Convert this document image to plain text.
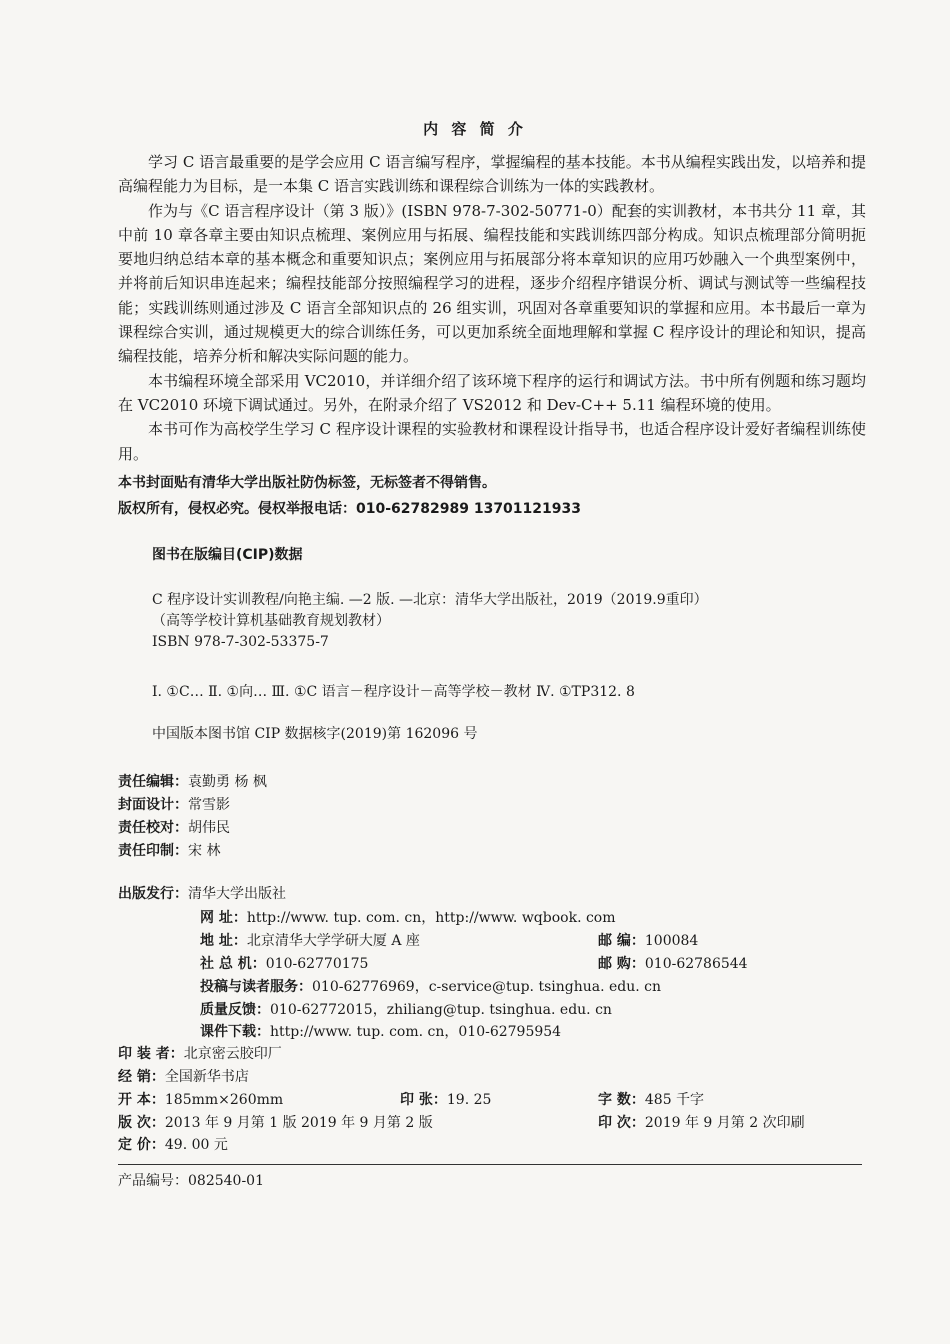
内 容 简 介

学习 C 语言最重要的是学会应用 C 语言编写程序，掌握编程的基本技能。本书从编程实践出发，以培养和提高编程能力为目标，是一本集 C 语言实践训练和课程综合训练为一体的实践教材。

作为与《C 语言程序设计（第 3 版）》(ISBN 978-7-302-50771-0）配套的实训教材，本书共分 11 章，其中前 10 章各章主要由知识点梳理、案例应用与拓展、编程技能和实践训练四部分构成。知识点梳理部分简明扼要地归纳总结本章的基本概念和重要知识点；案例应用与拓展部分将本章知识的应用巧妙融入一个典型案例中，并将前后知识串连起来；编程技能部分按照编程学习的进程，逐步介绍程序错误分析、调试与测试等一些编程技能；实践训练则通过涉及 C 语言全部知识点的 26 组实训，巩固对各章重要知识的掌握和应用。本书最后一章为课程综合实训，通过规模更大的综合训练任务，可以更加系统全面地理解和掌握 C 程序设计的理论和知识，提高编程技能，培养分析和解决实际问题的能力。

本书编程环境全部采用 VC2010，并详细介绍了该环境下程序的运行和调试方法。书中所有例题和练习题均在 VC2010 环境下调试通过。另外，在附录介绍了 VS2012 和 Dev-C++ 5.11 编程环境的使用。

本书可作为高校学生学习 C 程序设计课程的实验教材和课程设计指导书，也适合程序设计爱好者编程训练使用。

本书封面贴有清华大学出版社防伪标签，无标签者不得销售。
版权所有，侵权必究。侵权举报电话：010-62782989 13701121933
图书在版编目(CIP)数据
C 程序设计实训教程/向艳主编. —2 版. —北京：清华大学出版社，2019（2019.9重印）
（高等学校计算机基础教育规划教材）
ISBN 978-7-302-53375-7
Ⅰ. ①C… Ⅱ. ①向… Ⅲ. ①C 语言－程序设计－高等学校－教材 Ⅳ. ①TP312. 8
中国版本图书馆 CIP 数据核字(2019)第 162096 号
责任编辑：袁勤勇 杨 枫
封面设计：常雪影
责任校对：胡伟民
责任印制：宋 林
出版发行：清华大学出版社
网 址：http://www. tup. com. cn，http://www. wqbook. com
地 址：北京清华大学学研大厦 A 座	邮 编：100084
社 总 机：010-62770175	邮 购：010-62786544
投稿与读者服务：010-62776969，c-service@tup. tsinghua. edu. cn
质量反馈：010-62772015，zhiliang@tup. tsinghua. edu. cn
课件下载：http://www. tup. com. cn，010-62795954
印 装 者：北京密云胶印厂
经 销：全国新华书店
开 本：185mm×260mm	印 张：19. 25	字 数：485 千字
版 次：2013 年 9 月第 1 版 2019 年 9 月第 2 版	印 次：2019 年 9 月第 2 次印刷
定 价：49. 00 元
产品编号：082540-01
